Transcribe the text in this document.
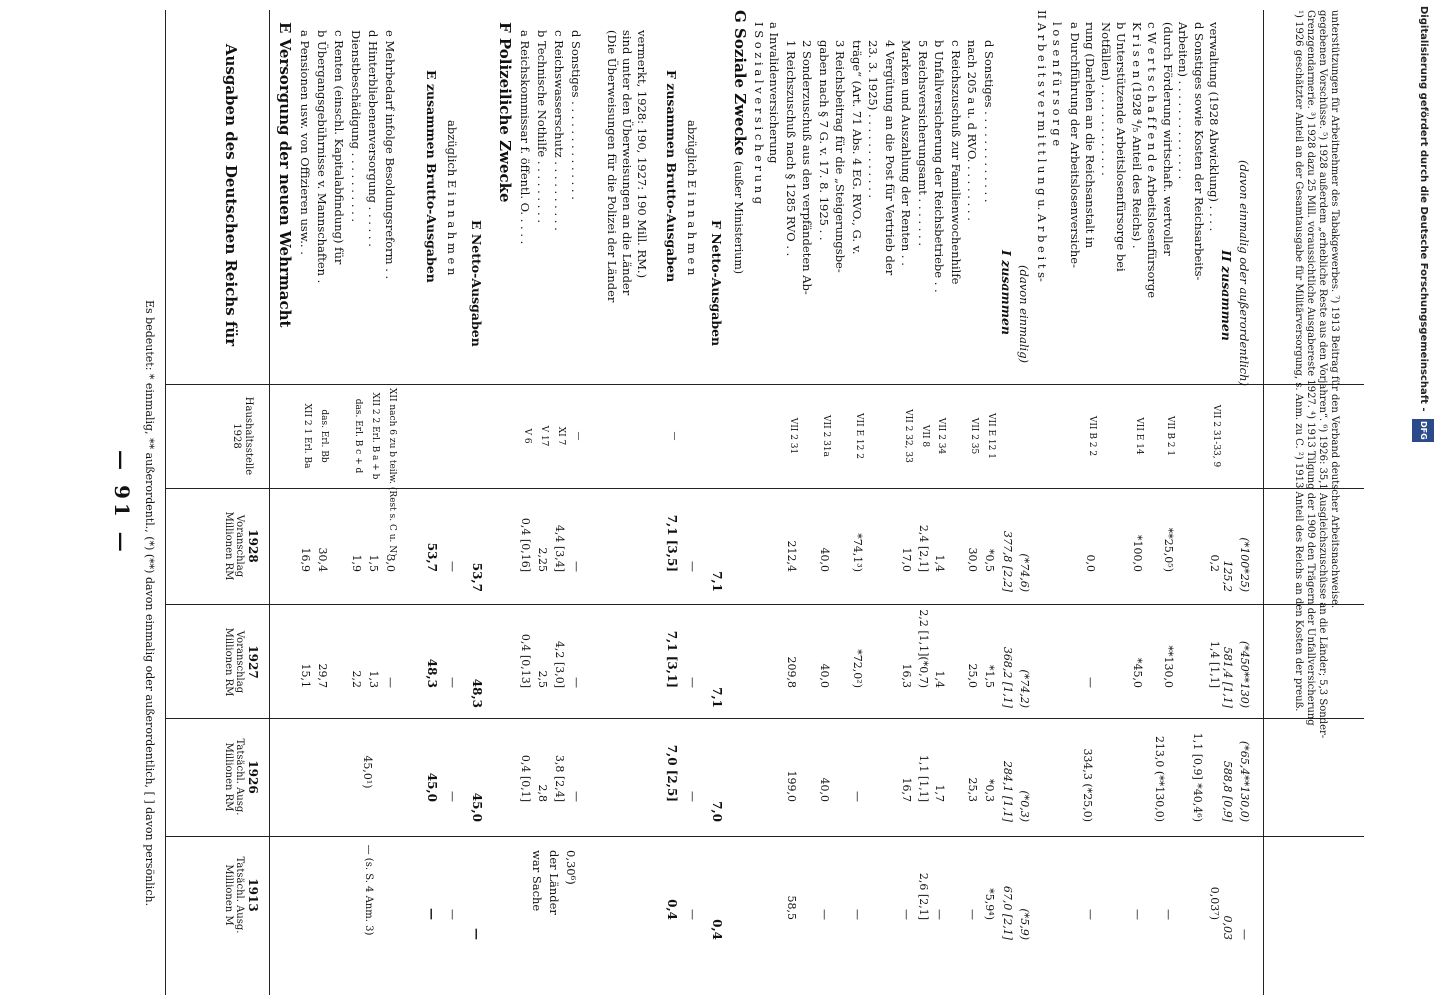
— 91 — Es bedeutet: * einmalig, ** außerordentl., (*) (**) davon einmalig oder außerordentlich, [ ] davon persönlich.
Ausgaben des Deutschen Reichs für
Haushaltsstelle 1928
1928
Voranschlag Millionen RM
1927
Voranschlag Millionen RM
1926
Tatsächl. Ausg. Millionen RM
1913
Tatsächl. Ausg. Millionen M
E Versorgung der neuen Wehrmacht
45,0¹)
— (s. S. 4 Anm. 3)
E zusammen Brutto-Ausgaben
53,7
48,3
45,0
—
abzüglich E i n n a h m e n
—
—
—
—
E Netto-Ausgaben
53,7
48,3
45,0
—
F Polizeiliche Zwecke	(Die Überweisungen für die Polizei der Länder sind unter den Überweisungen an die Länder vermerkt, 1928: 190, 1927: 190 Mill. RM.)
war Sache der Länder 0,30⁶)
F zusammen Brutto-Ausgaben
—
7,1 [3,5]
7,1 [3,1]
7,0 [2,5]
0,4
abzüglich E i n n a h m e n
—
—
—
—
F Netto-Ausgaben
7,1
7,1
7,0
0,4
G Soziale Zwecke (außer Ministerium)
I S o z i a l v e r s i c h e r u n g a Invalidenversicherung
I zusammen
377,8 [2,2]
368,2 [1,1]
284,1 [1,1]
67,0 [2,1]
(davon einmalig)
(*74,6)
(*74,2)
(*0,3)
(*5,9)
II A r b e i t s v e r m i t t l u n g u. A r b e i t s- l o s e n f ü r s o r g e
334,3 (*25,0)	213,0 (**130,0) 1,1 [0,9] *40,4⁶)
II zusammen
125,2
581,4 [1,1]
588,8 [0,9]
0,03
(davon einmalig oder außerordentlich)
(*100*25)
(*450**130)
(*65,4**130,0)
—
¹) 1926 geschätzter Anteil an der Gesamtausgabe für Militärversorgung, s. Anm. zu C. ²) 1913 Anteil des Reichs an den Kosten der preuß. Grenzgendarmerie. ³) 1928 dazu 25 Mill. voraussichtliche Ausgabereste 1927. ⁴) 1913 Tilgung der 1909 den Trägern der Unfallversicherung gegebenen Vorschüsse. ⁵) 1928 außerdem „erhebliche Reste aus den Vorjahren“. ⁶) 1926: 35,1 Ausgleichszuschüsse an die Länder; 5,3 Sonder- unterstützungen für Arbeitnehmer des Tabakgewerbes. ⁷) 1913 Beitrag für den Verband deutscher Arbeitsnachweise.
a Pensionen usw. von Offizieren usw.. .
XII 2 1 Erl. Ba
16,9
15,1
b Übergangsgebührnisse v. Mannschaften .
das. Erl. Bb
30,4
29,7
c Renten (einschl. Kapitalabfindung) für Dienstbeschädigung . . . . . . . . . .
das. Erl. B c + d
1,9
2,2
d Hinterbliebenenversorgung . . . . . .
XII 2 2 Erl. B a + b
1,5
1,3
e Mehrbedarf infolge Besoldungsreform . .
XII nach 6 zu b teilw. (Rest s. C u. N)
3,0
—
a Reichskommissar f. öffentl. O. . . . .
V 6
0,4 [0,16]
0,4 [0,13]
0,4 [0,1]
b Technische Nothilfe . . . . . . . . .
V 17
2,25
2,5
2,8
c Reichswasserschutz . . . . . . . . . .
XI 7
4,4 [3,4]
4,2 [3,0]
3,8 [2,4]
d Sonstiges . . . . . . . . . . . . . .
—
—
—
—
1 Reichszuschuß nach § 1285 RVO . .
VII 2 31
212,4
209,8
199,0
58,5
2 Sonderzuschuß aus den verpfändeten Ab- gaben nach § 7 G. v. 17. 8. 1925 . .
VII 2 31a
40,0
40,0
40,0
—
3 Reichsbeitrag für die „Steigerungsbe- träge“ (Art. 71 Abs. 4 EG. RVO., G. v.
VII E 12 2
*74,1³)
*72,0²)
—
—
23. 3. 1925) . . . . . . . . . . . . 4 Vergütung an die Post für Vertrieb der Marken und Auszahlung der Renten . .
VII 2 32, 33
17,0
16,3
16,7
—
5 Reichsversicherungsamt . . . . . . .
VII 8
2,4 [2,1]
2,2 [1,1](*0,7)
1,1 [1,1]
2,6 [2,1]
b Unfallversicherung der Reichsbetriebe . .
VII 2 34
1,4
1,4
1,7
—
c Reichszuschuß zur Familienwochenhilfe nach 205 a u. d RVO. . . . . . . . .
VII 2 35
30,0
25,0
25,3
—
d Sonstiges . . . . . . . . . . . . .
VII E 12 1
*0,5
*1,5
*0,3
*5,9⁴)
a Durchführung der Arbeitslosenversiche- rung (Darlehen an die Reichsanstalt in
VII B 2 2
0,0
—
—
Notfällen) . . . . . . . . . . . . . b Unterstützende Arbeitslosenfürsorge bei K r i s e n (1928 ⁴/₅ Anteil des Reichs) .
VII E 14
*100,0
*45,0
—
c W e r t s c h a f f e n d e Arbeitslosenfürsorge (durch Förderung wirtschaft. wertvoller
VII B 2 1
**25,0⁵)
**130,0
—
Arbeiten) . . . . . . . . . . . . . . d Sonstiges sowie Kosten der Reichsarbeits- verwaltung (1928 Abwicklung) . . . .
VII 2 31-33, 9
0,2
1,4 [1,1]
0,03⁷)
Digitalisierung gefördert durch die Deutsche Forschungsgemeinschaft - DFG
